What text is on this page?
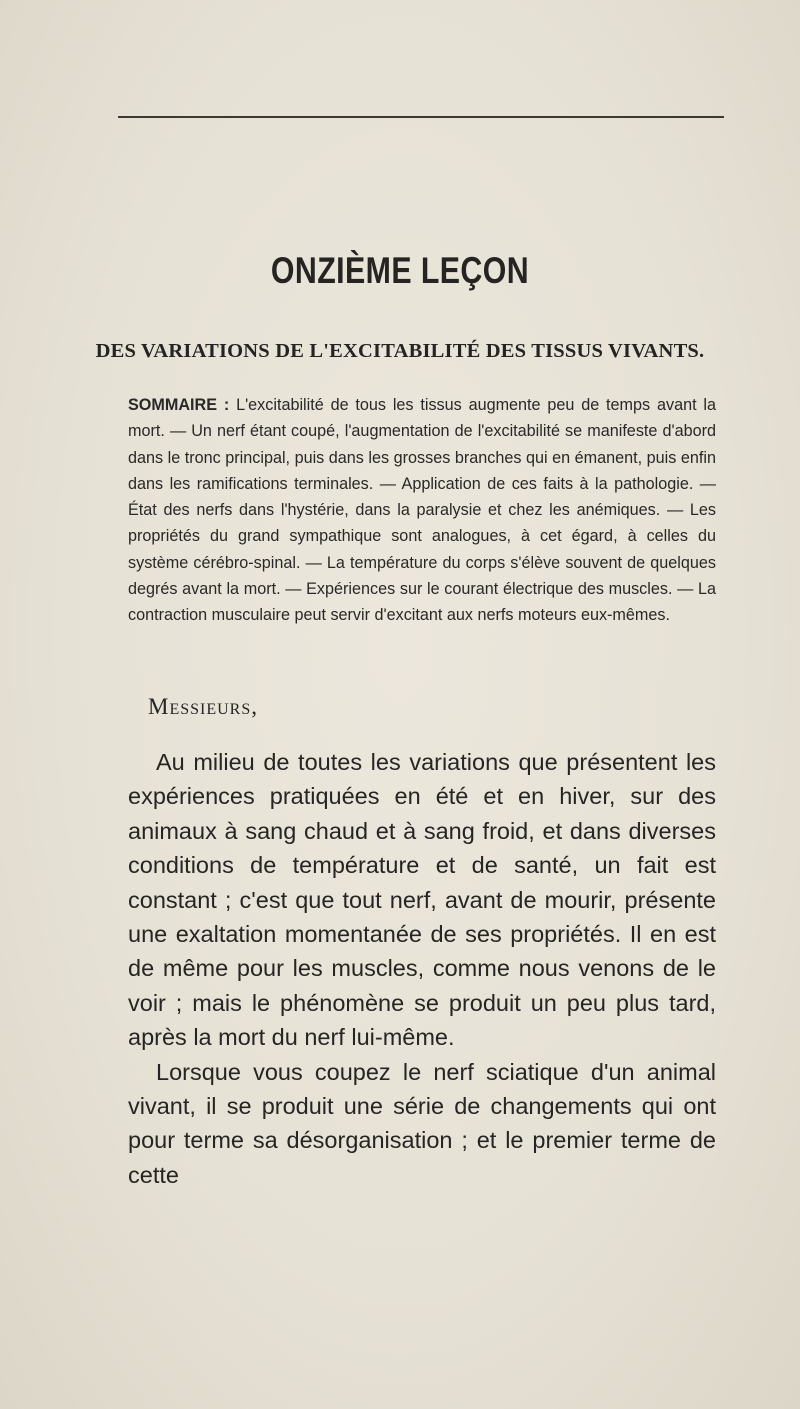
ONZIÈME LEÇON
DES VARIATIONS DE L'EXCITABILITÉ DES TISSUS VIVANTS.
SOMMAIRE : L'excitabilité de tous les tissus augmente peu de temps avant la mort. — Un nerf étant coupé, l'augmentation de l'excitabilité se manifeste d'abord dans le tronc principal, puis dans les grosses branches qui en émanent, puis enfin dans les ramifications terminales. — Application de ces faits à la pathologie. — État des nerfs dans l'hystérie, dans la paralysie et chez les anémiques. — Les propriétés du grand sympathique sont analogues, à cet égard, à celles du système cérébro-spinal. — La température du corps s'élève souvent de quelques degrés avant la mort. — Expériences sur le courant électrique des muscles. — La contraction musculaire peut servir d'excitant aux nerfs moteurs eux-mêmes.
Messieurs,

Au milieu de toutes les variations que présentent les expériences pratiquées en été et en hiver, sur des animaux à sang chaud et à sang froid, et dans diverses conditions de température et de santé, un fait est constant ; c'est que tout nerf, avant de mourir, présente une exaltation momentanée de ses propriétés. Il en est de même pour les muscles, comme nous venons de le voir ; mais le phénomène se produit un peu plus tard, après la mort du nerf lui-même.

Lorsque vous coupez le nerf sciatique d'un animal vivant, il se produit une série de changements qui ont pour terme sa désorganisation ; et le premier terme de cette
